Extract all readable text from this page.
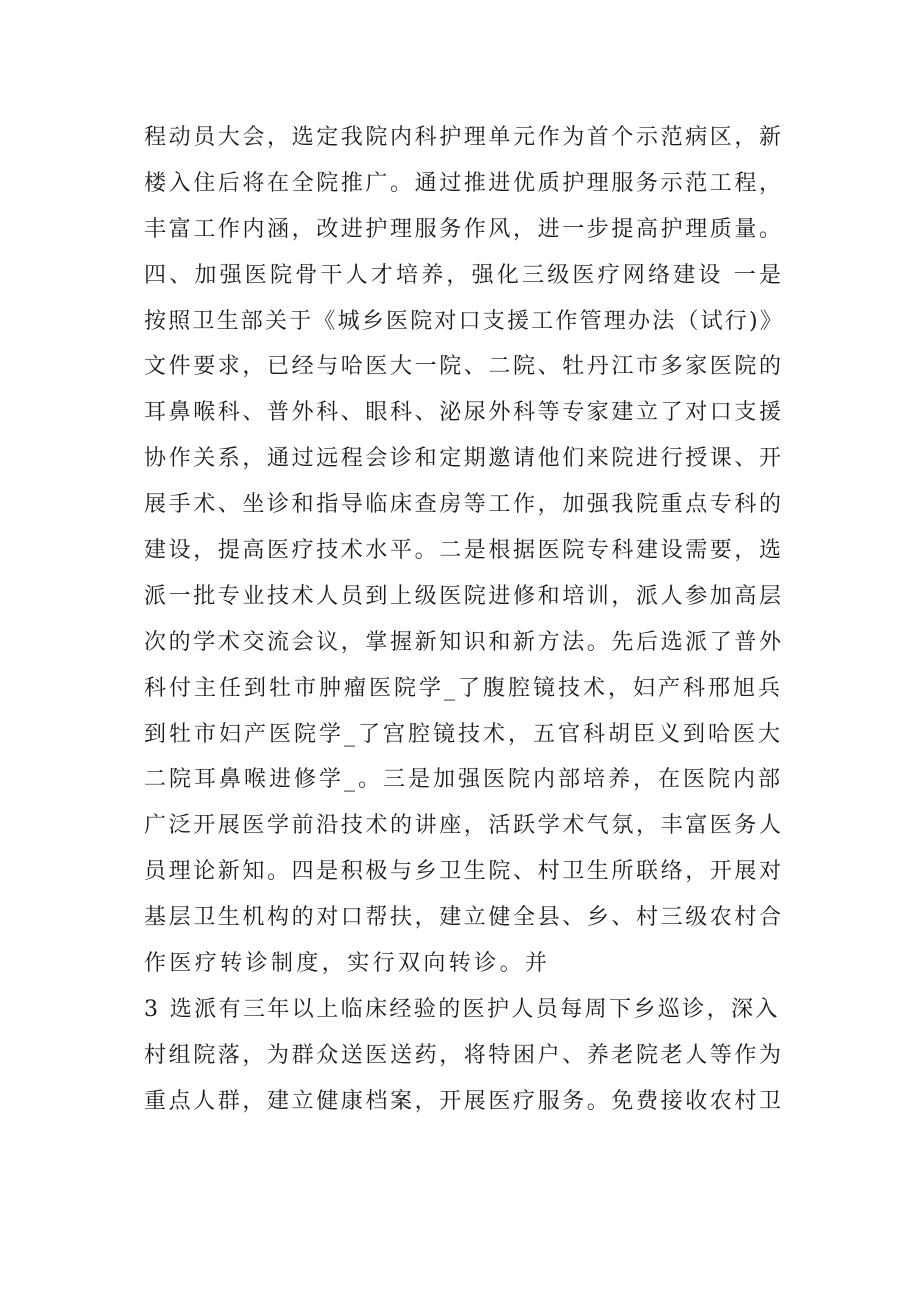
程动员大会，选定我院内科护理单元作为首个示范病区，新
楼入住后将在全院推广。通过推进优质护理服务示范工程，
丰富工作内涵，改进护理服务作风，进一步提高护理质量。
四、加强医院骨干人才培养，强化三级医疗网络建设 一是
按照卫生部关于《城乡医院对口支援工作管理办法（试行)》
文件要求，已经与哈医大一院、二院、牡丹江市多家医院的
耳鼻喉科、普外科、眼科、泌尿外科等专家建立了对口支援
协作关系，通过远程会诊和定期邀请他们来院进行授课、开
展手术、坐诊和指导临床查房等工作，加强我院重点专科的
建设，提高医疗技术水平。二是根据医院专科建设需要，选
派一批专业技术人员到上级医院进修和培训，派人参加高层
次的学术交流会议，掌握新知识和新方法。先后选派了普外
科付主任到牡市肿瘤医院学_了腹腔镜技术，妇产科邢旭兵
到牡市妇产医院学_了宫腔镜技术，五官科胡臣义到哈医大
二院耳鼻喉进修学_。三是加强医院内部培养，在医院内部
广泛开展医学前沿技术的讲座，活跃学术气氛，丰富医务人
员理论新知。四是积极与乡卫生院、村卫生所联络，开展对
基层卫生机构的对口帮扶，建立健全县、乡、村三级农村合
作医疗转诊制度，实行双向转诊。并
3 选派有三年以上临床经验的医护人员每周下乡巡诊，深入
村组院落，为群众送医送药，将特困户、养老院老人等作为
重点人群，建立健康档案，开展医疗服务。免费接收农村卫
